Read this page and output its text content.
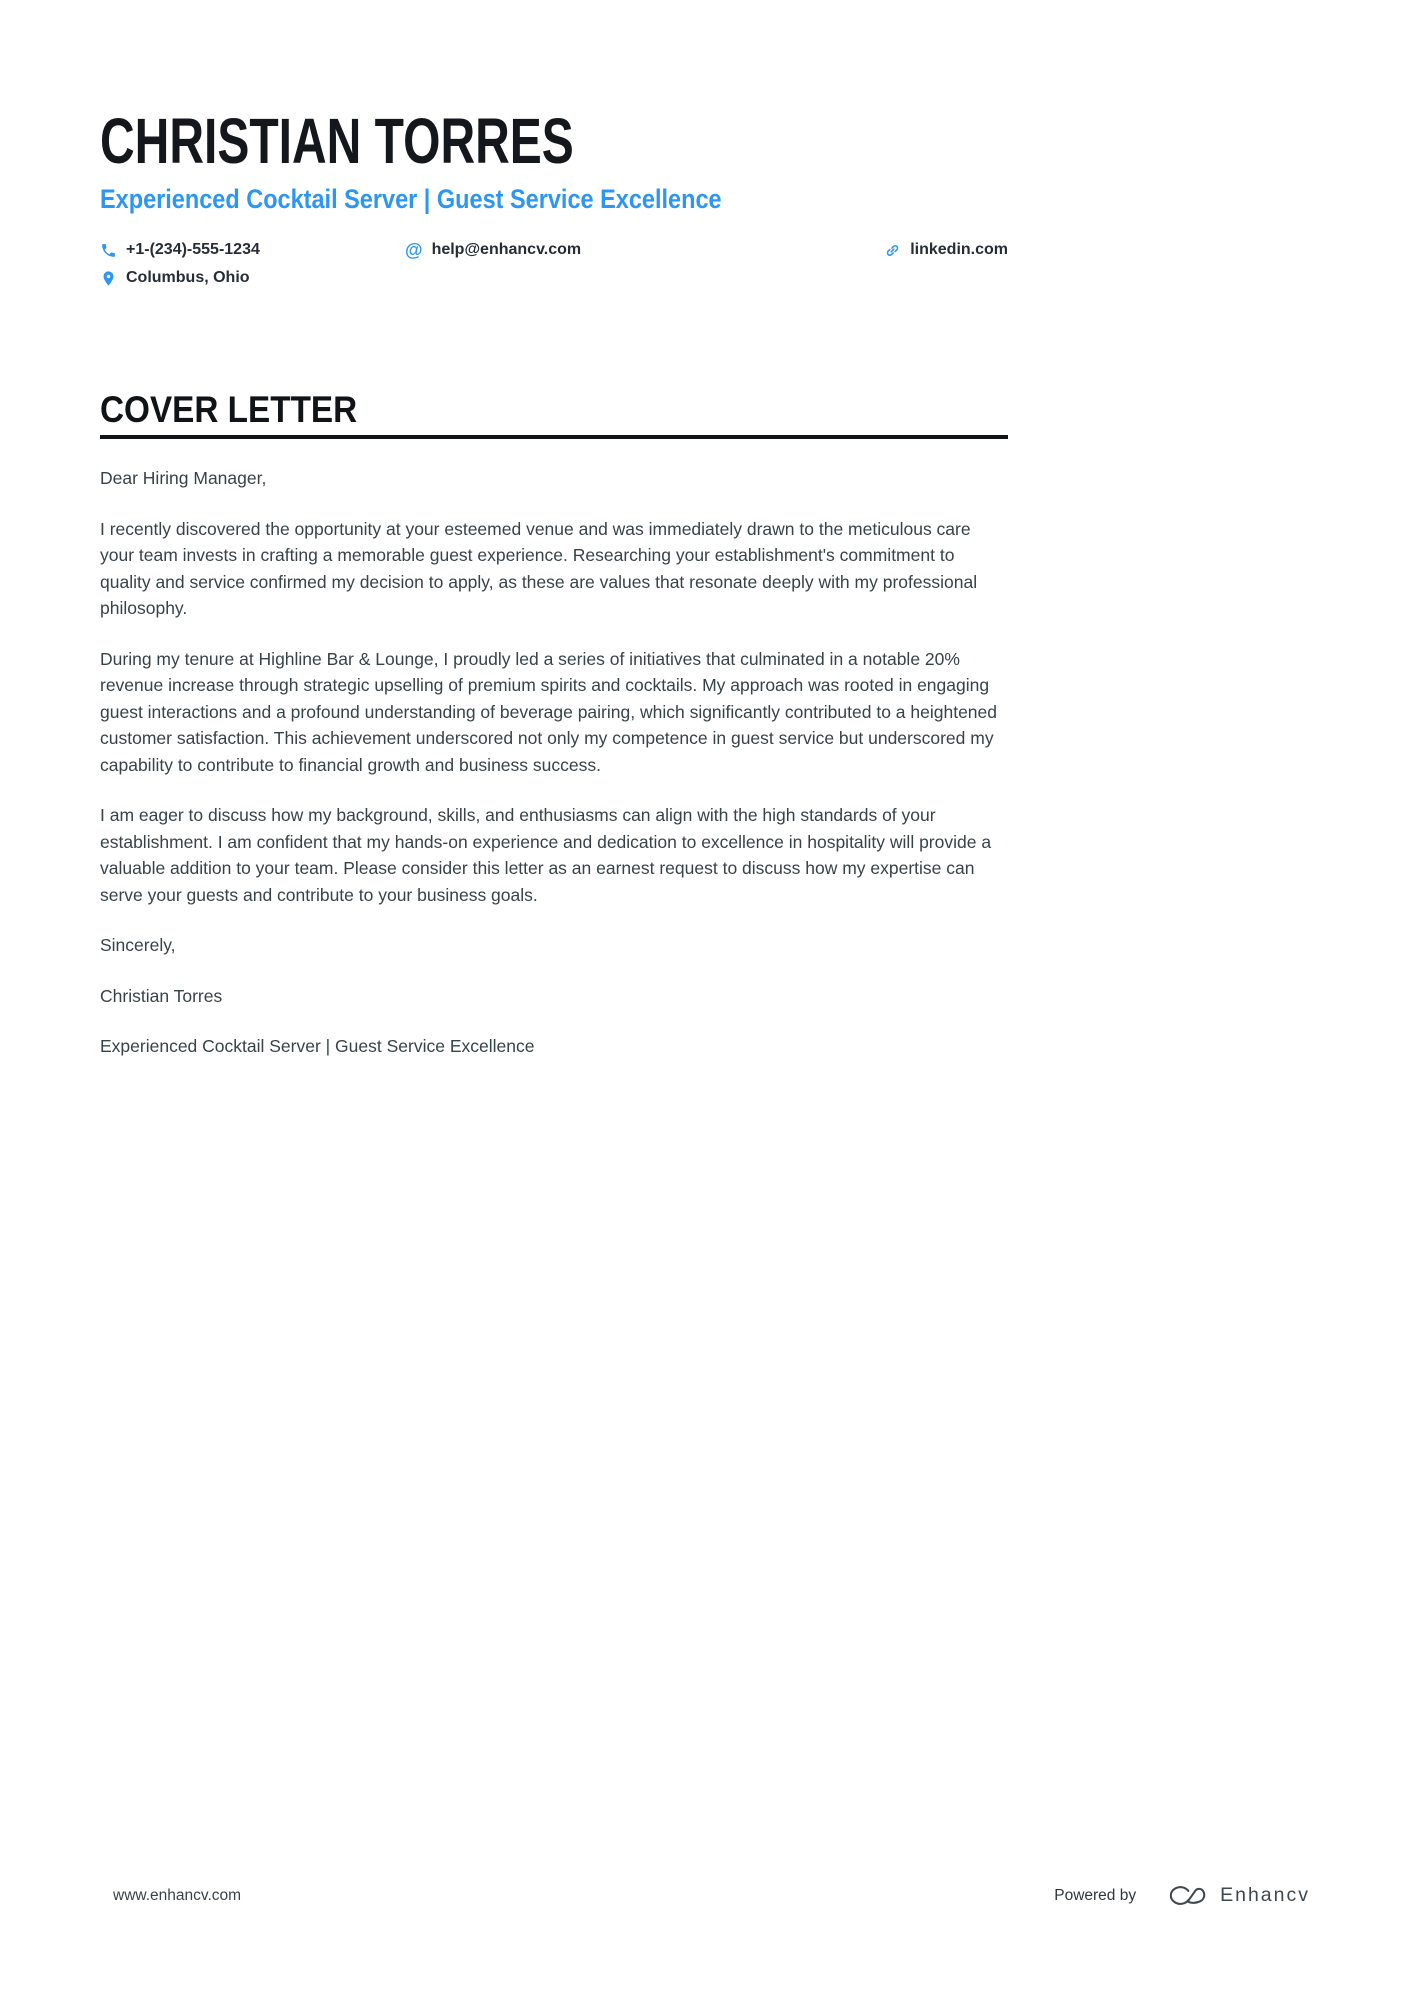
CHRISTIAN TORRES
Experienced Cocktail Server | Guest Service Excellence
+1-(234)-555-1234	@ help@enhancv.com	linkedin.com
Columbus, Ohio
COVER LETTER

Dear Hiring Manager,

I recently discovered the opportunity at your esteemed venue and was immediately drawn to the meticulous care your team invests in crafting a memorable guest experience. Researching your establishment's commitment to quality and service confirmed my decision to apply, as these are values that resonate deeply with my professional philosophy.

During my tenure at Highline Bar & Lounge, I proudly led a series of initiatives that culminated in a notable 20% revenue increase through strategic upselling of premium spirits and cocktails. My approach was rooted in engaging guest interactions and a profound understanding of beverage pairing, which significantly contributed to a heightened customer satisfaction. This achievement underscored not only my competence in guest service but underscored my capability to contribute to financial growth and business success.

I am eager to discuss how my background, skills, and enthusiasms can align with the high standards of your establishment. I am confident that my hands-on experience and dedication to excellence in hospitality will provide a valuable addition to your team. Please consider this letter as an earnest request to discuss how my expertise can serve your guests and contribute to your business goals.

Sincerely,

Christian Torres

Experienced Cocktail Server | Guest Service Excellence

www.enhancv.com	Powered by	Enhancv
